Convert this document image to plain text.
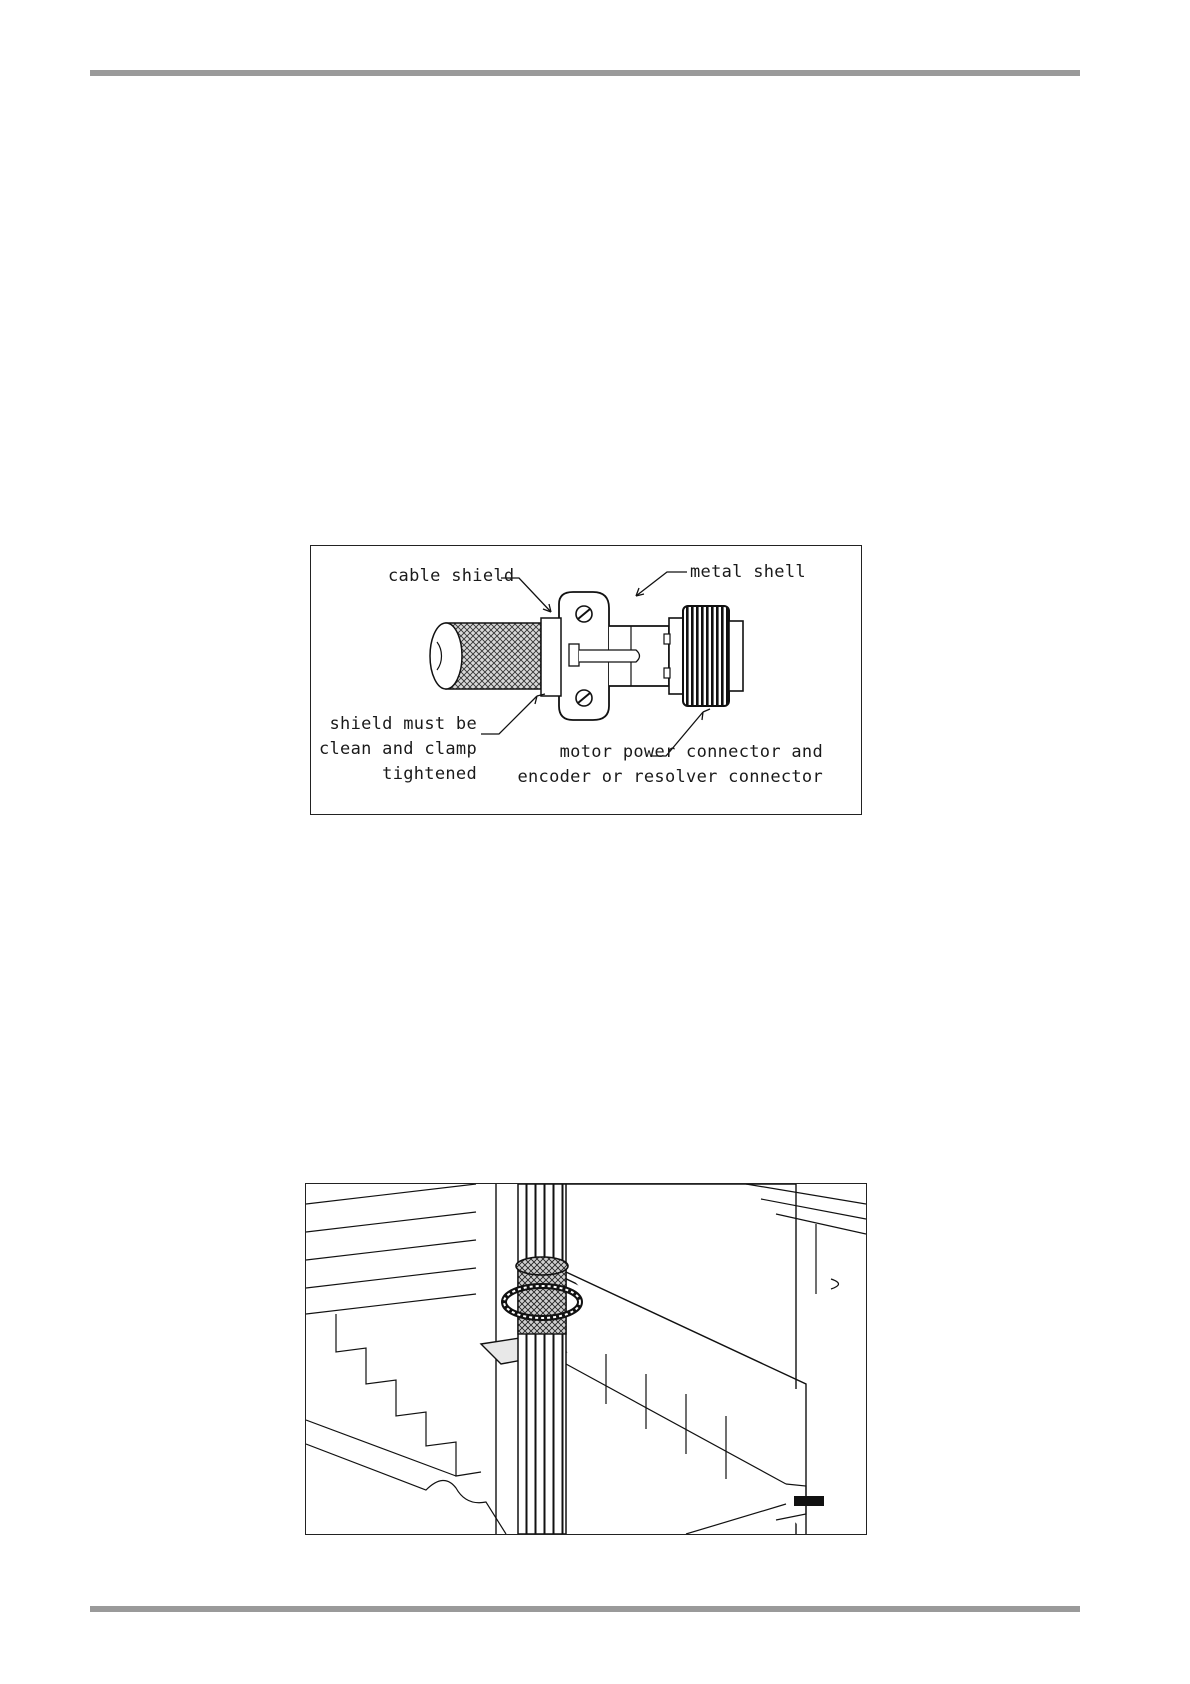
cable shield	metal shell
shield must be
clean and clamp
tightened
motor power connector and
encoder or resolver connector
